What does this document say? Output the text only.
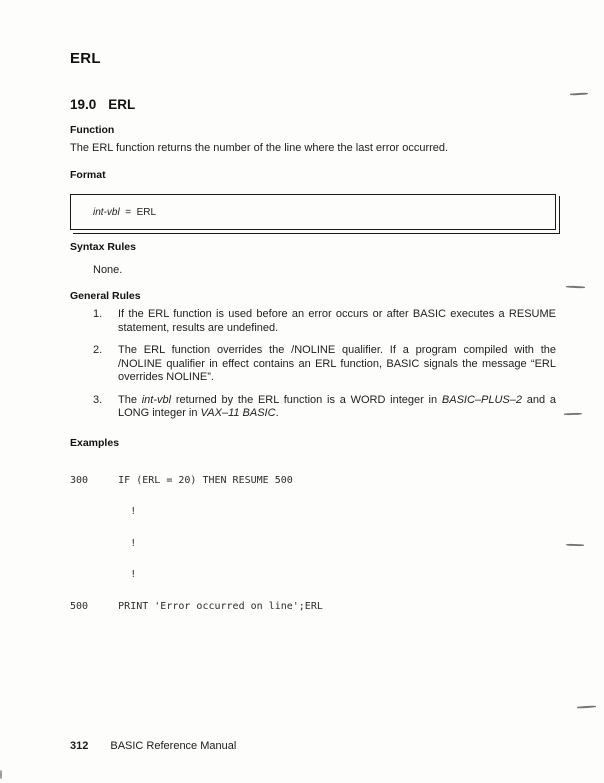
ERL
19.0 ERL
Function

The ERL function returns the number of the line where the last error occurred.

Format
int-vbl =  ERL
Syntax Rules

None.

General Rules
1.	If the ERL function is used before an error occurs or after BASIC executes a RESUME statement, results are undefined.

2.	The ERL function overrides the /NOLINE qualifier. If a program compiled with the /NOLINE qualifier in effect contains an ERL function, BASIC signals the message “ERL overrides NOLINE”.

3.	The int-vbl returned by the ERL function is a WORD integer in BASIC–PLUS–2 and a LONG integer in VAX–11 BASIC.

Examples

300     IF (ERL = 20) THEN RESUME 500

!

!

!

500     PRINT 'Error occurred on line';ERL

312 BASIC Reference Manual
